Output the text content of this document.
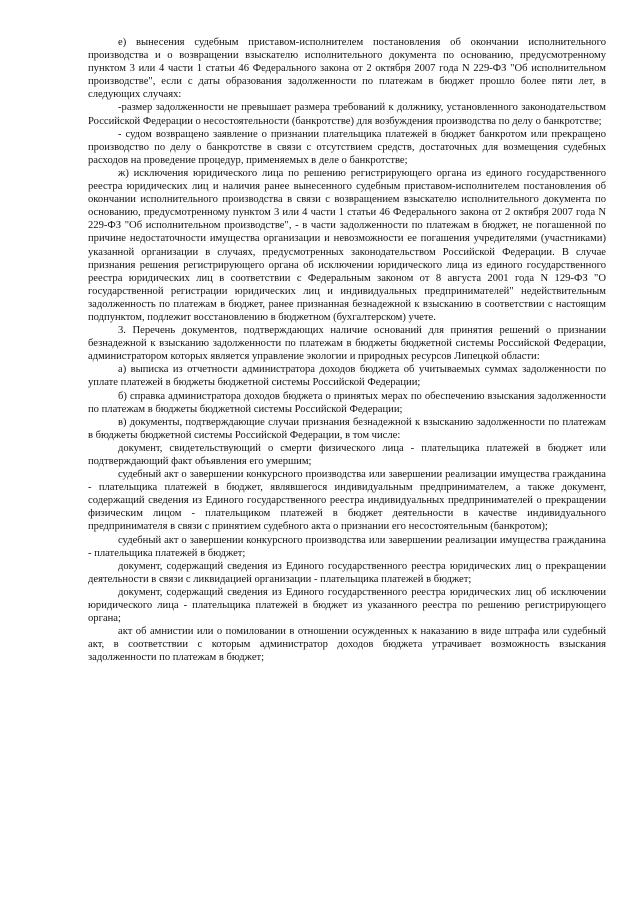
е) вынесения судебным приставом-исполнителем постановления об окончании исполнительного производства и о возвращении взыскателю исполнительного документа по основанию, предусмотренному пунктом 3 или 4 части 1 статьи 46 Федерального закона от 2 октября 2007 года N 229-ФЗ "Об исполнительном производстве", если с даты образования задолженности по платежам в бюджет прошло более пяти лет, в следующих случаях:

-размер задолженности не превышает размера требований к должнику, установленного законодательством Российской Федерации о несостоятельности (банкротстве) для возбуждения производства по делу о банкротстве;

- судом возвращено заявление о признании плательщика платежей в бюджет банкротом или прекращено производство по делу о банкротстве в связи с отсутствием средств, достаточных для возмещения судебных расходов на проведение процедур, применяемых в деле о банкротстве;

ж) исключения юридического лица по решению регистрирующего органа из единого государственного реестра юридических лиц и наличия ранее вынесенного судебным приставом-исполнителем постановления об окончании исполнительного производства в связи с возвращением взыскателю исполнительного документа по основанию, предусмотренному пунктом 3 или 4 части 1 статьи 46 Федерального закона от 2 октября 2007 года N 229-ФЗ "Об исполнительном производстве", - в части задолженности по платежам в бюджет, не погашенной по причине недостаточности имущества организации и невозможности ее погашения учредителями (участниками) указанной организации в случаях, предусмотренных законодательством Российской Федерации. В случае признания решения регистрирующего органа об исключении юридического лица из единого государственного реестра юридических лиц в соответствии с Федеральным законом от 8 августа 2001 года N 129-ФЗ "О государственной регистрации юридических лиц и индивидуальных предпринимателей" недействительным задолженность по платежам в бюджет, ранее признанная безнадежной к взысканию в соответствии с настоящим подпунктом, подлежит восстановлению в бюджетном (бухгалтерском) учете.

3. Перечень документов, подтверждающих наличие оснований для принятия решений о признании безнадежной к взысканию задолженности по платежам в бюджеты бюджетной системы Российской Федерации, администратором которых является управление экологии и природных ресурсов Липецкой области:

а) выписка из отчетности администратора доходов бюджета об учитываемых суммах задолженности по уплате платежей в бюджеты бюджетной системы Российской Федерации;

б) справка администратора доходов бюджета о принятых мерах по обеспечению взыскания задолженности по платежам в бюджеты бюджетной системы Российской Федерации;

в) документы, подтверждающие случаи признания безнадежной к взысканию задолженности по платежам в бюджеты бюджетной системы Российской Федерации, в том числе:

документ, свидетельствующий о смерти физического лица - плательщика платежей в бюджет или подтверждающий факт объявления его умершим;

судебный акт о завершении конкурсного производства или завершении реализации имущества гражданина - плательщика платежей в бюджет, являвшегося индивидуальным предпринимателем, а также документ, содержащий сведения из Единого государственного реестра индивидуальных предпринимателей о прекращении физическим лицом - плательщиком платежей в бюджет деятельности в качестве индивидуального предпринимателя в связи с принятием судебного акта о признании его несостоятельным (банкротом);

судебный акт о завершении конкурсного производства или завершении реализации имущества гражданина - плательщика платежей в бюджет;

документ, содержащий сведения из Единого государственного реестра юридических лиц о прекращении деятельности в связи с ликвидацией организации - плательщика платежей в бюджет;

документ, содержащий сведения из Единого государственного реестра юридических лиц об исключении юридического лица - плательщика платежей в бюджет из указанного реестра по решению регистрирующего органа;

акт об амнистии или о помиловании в отношении осужденных к наказанию в виде штрафа или судебный акт, в соответствии с которым администратор доходов бюджета утрачивает возможность взыскания задолженности по платежам в бюджет;
